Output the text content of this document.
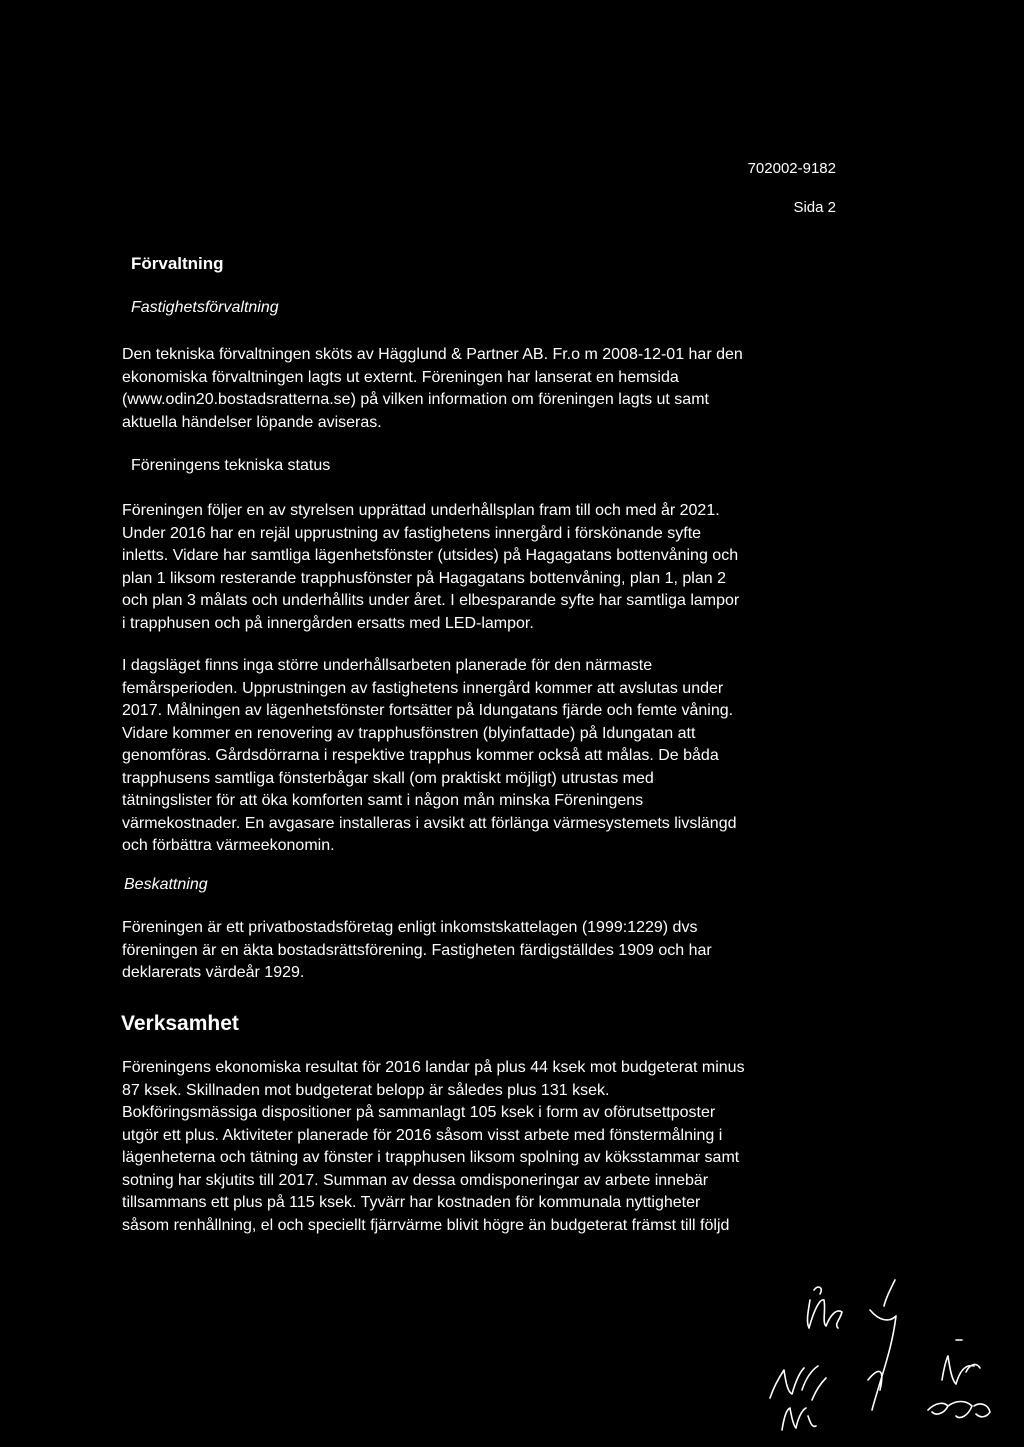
702002-9182
Sida 2
Förvaltning
Fastighetsförvaltning
Den tekniska förvaltningen sköts av Hägglund & Partner AB. Fr.o m 2008-12-01 har den
ekonomiska förvaltningen lagts ut externt. Föreningen har lanserat en hemsida
(www.odin20.bostadsratterna.se) på vilken information om föreningen lagts ut samt
aktuella händelser löpande aviseras.
Föreningens tekniska status
Föreningen följer en av styrelsen upprättad underhållsplan fram till och med år 2021.
Under 2016 har en rejäl upprustning av fastighetens innergård i förskönande syfte
inletts. Vidare har samtliga lägenhetsfönster (utsides) på Hagagatans bottenvåning och
plan 1 liksom resterande trapphusfönster på Hagagatans bottenvåning, plan 1, plan 2
och plan 3 målats och underhållits under året. I elbesparande syfte har samtliga lampor
i trapphusen och på innergården ersatts med LED-lampor.
I dagsläget finns inga större underhållsarbeten planerade för den närmaste
femårsperioden. Upprustningen av fastighetens innergård kommer att avslutas under
2017. Målningen av lägenhetsfönster fortsätter på Idungatans fjärde och femte våning.
Vidare kommer en renovering av trapphusfönstren (blyinfattade) på Idungatan att
genomföras. Gårdsdörrarna i respektive trapphus kommer också att målas. De båda
trapphusens samtliga fönsterbågar skall (om praktiskt möjligt) utrustas med
tätningslister för att öka komforten samt i någon mån minska Föreningens
värmekostnader. En avgasare installeras i avsikt att förlänga värmesystemets livslängd
och förbättra värmeekonomin.
Beskattning
Föreningen är ett privatbostadsföretag enligt inkomstskattelagen (1999:1229) dvs
föreningen är en äkta bostadsrättsförening. Fastigheten färdigställdes 1909 och har
deklarerats värdeår 1929.
Verksamhet
Föreningens ekonomiska resultat för 2016 landar på plus 44 ksek mot budgeterat minus
87 ksek. Skillnaden mot budgeterat belopp är således plus 131 ksek.
Bokföringsmässiga dispositioner på sammanlagt 105 ksek i form av oförutsettposter
utgör ett plus. Aktiviteter planerade för 2016 såsom visst arbete med fönstermålning i
lägenheterna och tätning av fönster i trapphusen liksom spolning av köksstammar samt
sotning har skjutits till 2017. Summan av dessa omdisponeringar av arbete innebär
tillsammans ett plus på 115 ksek. Tyvärr har kostnaden för kommunala nyttigheter
såsom renhållning, el och speciellt fjärrvärme blivit högre än budgeterat främst till följd
